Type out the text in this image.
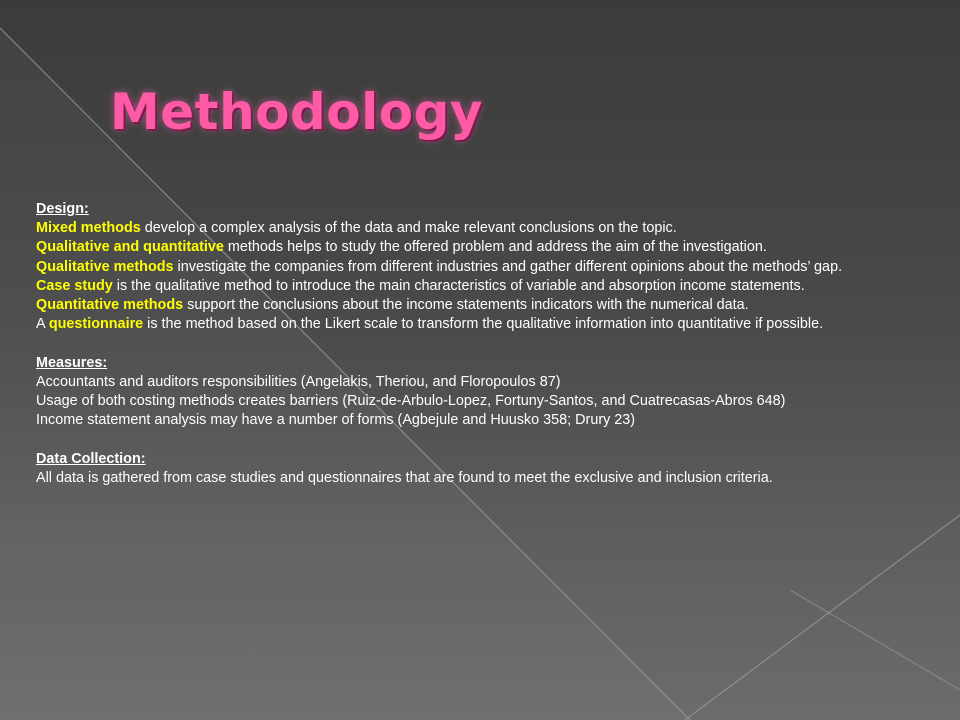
Methodology
Design:
Mixed methods develop a complex analysis of the data and make relevant conclusions on the topic.
Qualitative and quantitative methods helps to study the offered problem and address the aim of the investigation.
Qualitative methods investigate the companies from different industries and gather different opinions about the methods’ gap.
Case study is the qualitative method to introduce the main characteristics of variable and absorption income statements.
Quantitative methods support the conclusions about the income statements indicators with the numerical data.
A questionnaire is the method based on the Likert scale to transform the qualitative information into quantitative if possible.
Measures:
Accountants and auditors responsibilities (Angelakis, Theriou, and Floropoulos 87)
Usage of both costing methods creates barriers (Ruiz-de-Arbulo-Lopez, Fortuny-Santos, and Cuatrecasas-Abros 648)
Income statement analysis may have a number of forms (Agbejule and Huusko 358; Drury 23)
Data Collection:
All data is gathered from case studies and questionnaires that are found to meet the exclusive and inclusion criteria.
